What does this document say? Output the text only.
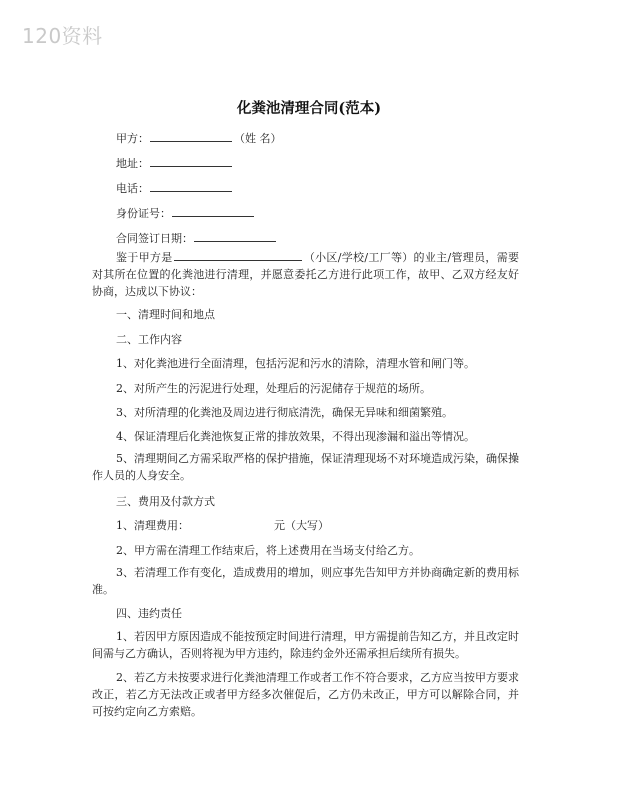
120资料
化粪池清理合同(范本)
甲方：	（姓 名）
地址：
电话：
身份证号：
合同签订日期：
鉴于甲方是	（小区/学校/工厂等）的业主/管理员，需要对其所在位置的化粪池进行清理，并愿意委托乙方进行此项工作，故甲、乙双方经友好协商，达成以下协议：
一、清理时间和地点
二、工作内容
1、对化粪池进行全面清理，包括污泥和污水的清除，清理水管和闸门等。
2、对所产生的污泥进行处理，处理后的污泥储存于规范的场所。
3、对所清理的化粪池及周边进行彻底清洗，确保无异味和细菌繁殖。
4、保证清理后化粪池恢复正常的排放效果，不得出现渗漏和溢出等情况。
5、清理期间乙方需采取严格的保护措施，保证清理现场不对环境造成污染，确保操作人员的人身安全。
三、费用及付款方式
1、清理费用：	元（大写）
2、甲方需在清理工作结束后，将上述费用在当场支付给乙方。
3、若清理工作有变化，造成费用的增加，则应事先告知甲方并协商确定新的费用标准。
四、违约责任
1、若因甲方原因造成不能按预定时间进行清理，甲方需提前告知乙方，并且改定时间需与乙方确认，否则将视为甲方违约，除违约金外还需承担后续所有损失。
2、若乙方未按要求进行化粪池清理工作或者工作不符合要求，乙方应当按甲方要求改正，若乙方无法改正或者甲方经多次催促后，乙方仍未改正，甲方可以解除合同，并可按约定向乙方索赔。
